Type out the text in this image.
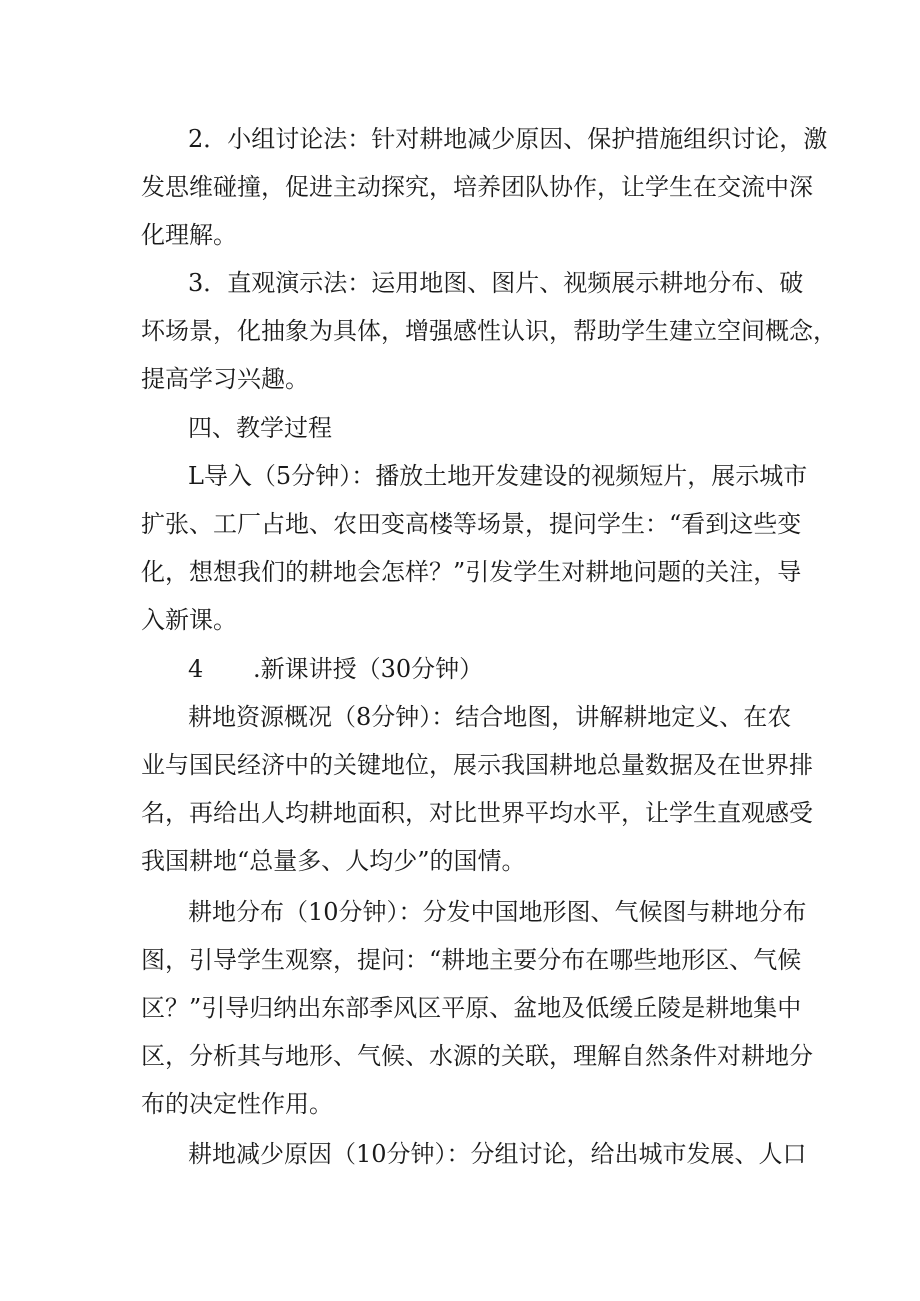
2．小组讨论法：针对耕地减少原因、保护措施组织讨论，激
发思维碰撞，促进主动探究，培养团队协作，让学生在交流中深
化理解。
3．直观演示法：运用地图、图片、视频展示耕地分布、破
坏场景，化抽象为具体，增强感性认识，帮助学生建立空间概念，
提高学习兴趣。
四、教学过程
L导入（5分钟）：播放土地开发建设的视频短片，展示城市
扩张、工厂占地、农田变高楼等场景，提问学生：“看到这些变
化，想想我们的耕地会怎样？”引发学生对耕地问题的关注，导
入新课。
4 .新课讲授（30分钟）
耕地资源概况（8分钟）：结合地图，讲解耕地定义、在农
业与国民经济中的关键地位，展示我国耕地总量数据及在世界排
名，再给出人均耕地面积，对比世界平均水平，让学生直观感受
我国耕地“总量多、人均少”的国情。
耕地分布（10分钟）：分发中国地形图、气候图与耕地分布
图，引导学生观察，提问：“耕地主要分布在哪些地形区、气候
区？”引导归纳出东部季风区平原、盆地及低缓丘陵是耕地集中
区，分析其与地形、气候、水源的关联，理解自然条件对耕地分
布的决定性作用。
耕地减少原因（10分钟）：分组讨论，给出城市发展、人口
